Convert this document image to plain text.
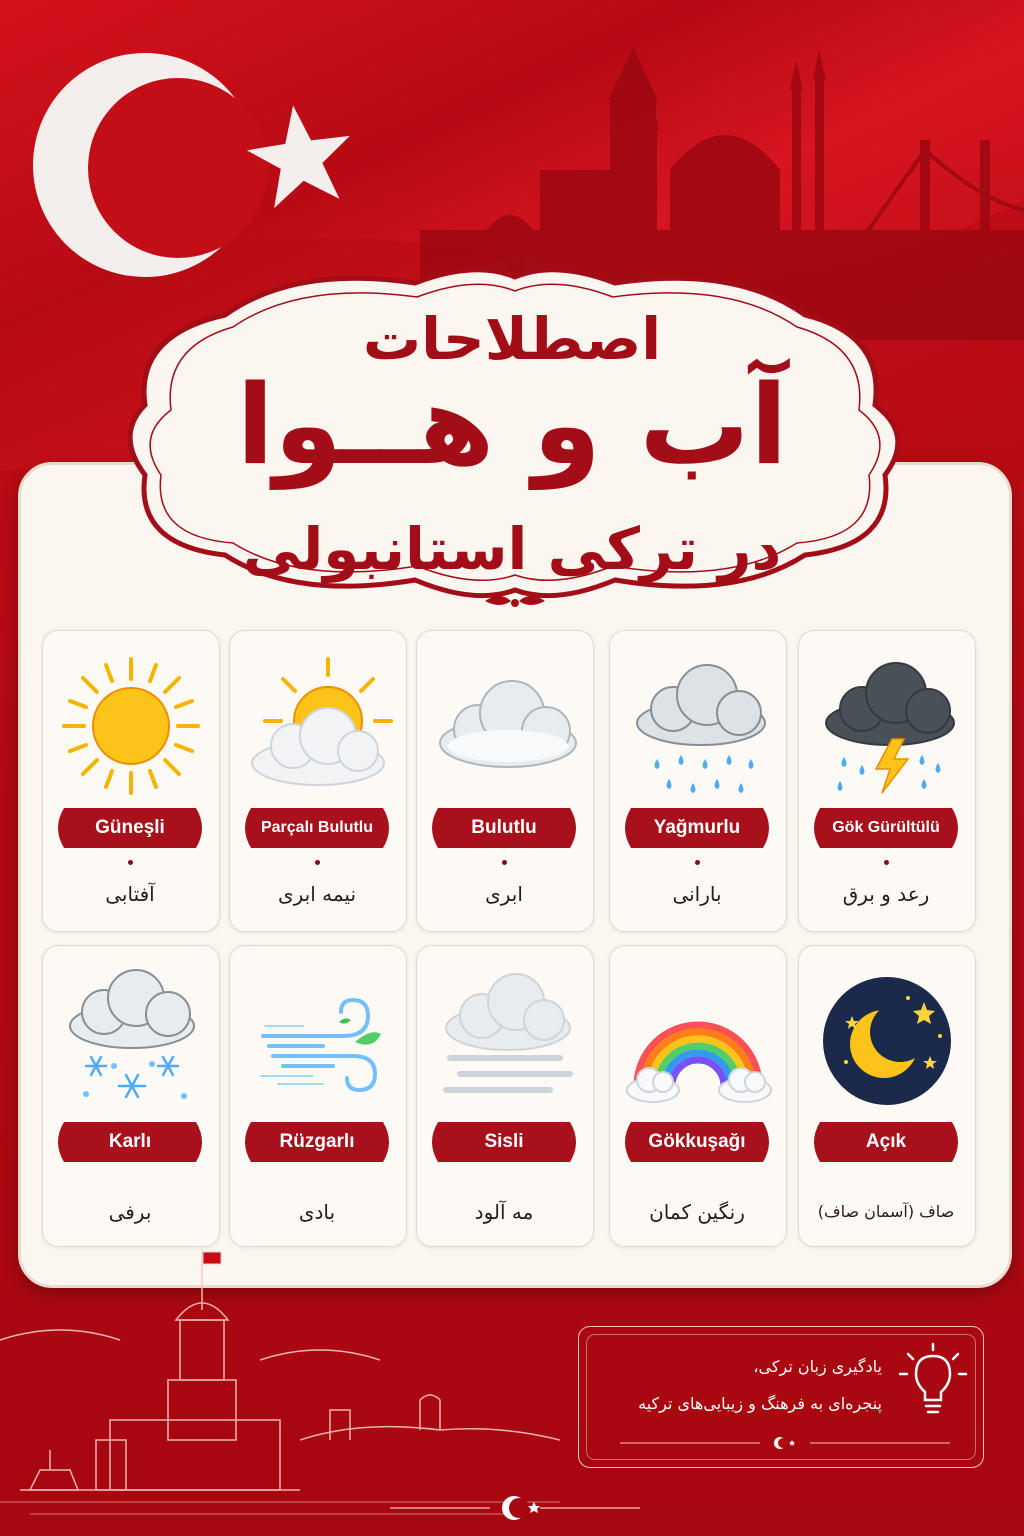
اصطلاحات
آب و هــوا
در ترکی استانبولی
Güneşli	Parçalı Bulutlu	Bulutlu	Yağmurlu	Gök Gürültülü
آفتابی	نیمه ابری	ابری	بارانی	رعد و برق
Karlı	Rüzgarlı	Sisli	Gökkuşağı	Açık
برفی	بادی	مه آلود	رنگین کمان	صاف (آسمان صاف)
یادگیری زبان ترکی،
پنجره‌ای به فرهنگ و زیبایی‌های ترکیه
